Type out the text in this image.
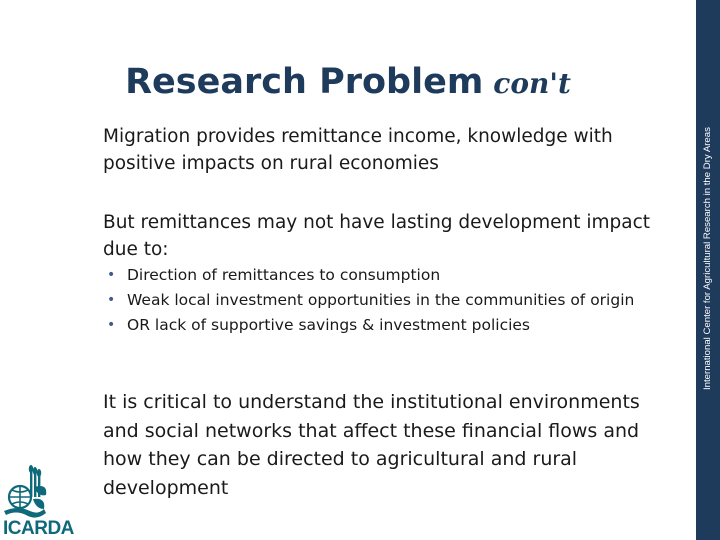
Research Problem con't

Migration provides remittance income, knowledge with positive impacts on rural economies

But remittances may not have lasting development impact due to:

• Direction of remittances to consumption
• Weak local investment opportunities in the communities of origin
• OR lack of supportive savings & investment policies

It is critical to understand the institutional environments and social networks that affect these financial flows and how they can be directed to agricultural and rural development

International Center for Agricultural Research in the Dry Areas
ICARDA
